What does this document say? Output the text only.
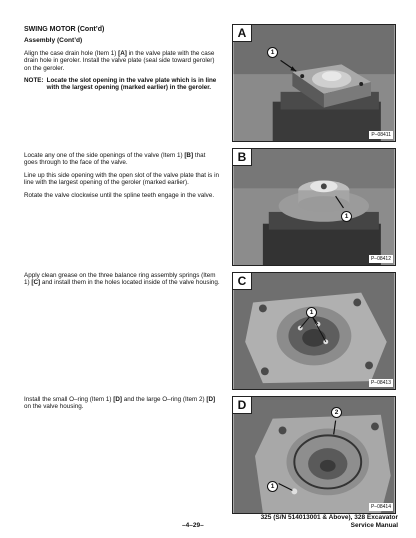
SWING MOTOR (Cont’d)

Assembly (Cont’d)

Align the case drain hole (Item 1) [A] in the valve plate with the case drain hole in geroler. Install the valve plate (seal side toward geroler) on the geroler.

NOTE: Locate the slot opening in the valve plate which is in line with the largest opening (marked earlier) in the geroler.

Locate any one of the side openings of the valve (Item 1) [B] that goes through to the face of the valve.

Line up this side opening with the open slot of the valve plate that is in line with the largest opening of the geroler (marked earlier).

Rotate the valve clockwise until the spline teeth engage in the valve.

Apply clean grease on the three balance ring assembly springs (Item 1) [C] and install them in the holes located inside of the valve housing.

Install the small O–ring (Item 1) [D] and the large O–ring (Item 2) [D] on the valve housing.

A
1
P–08411
B
1
P–08412
C
1
P–08413
D
2
1
P–08414
–4–29–
325 (S/N 514013001 & Above), 328 Excavator
Service Manual
